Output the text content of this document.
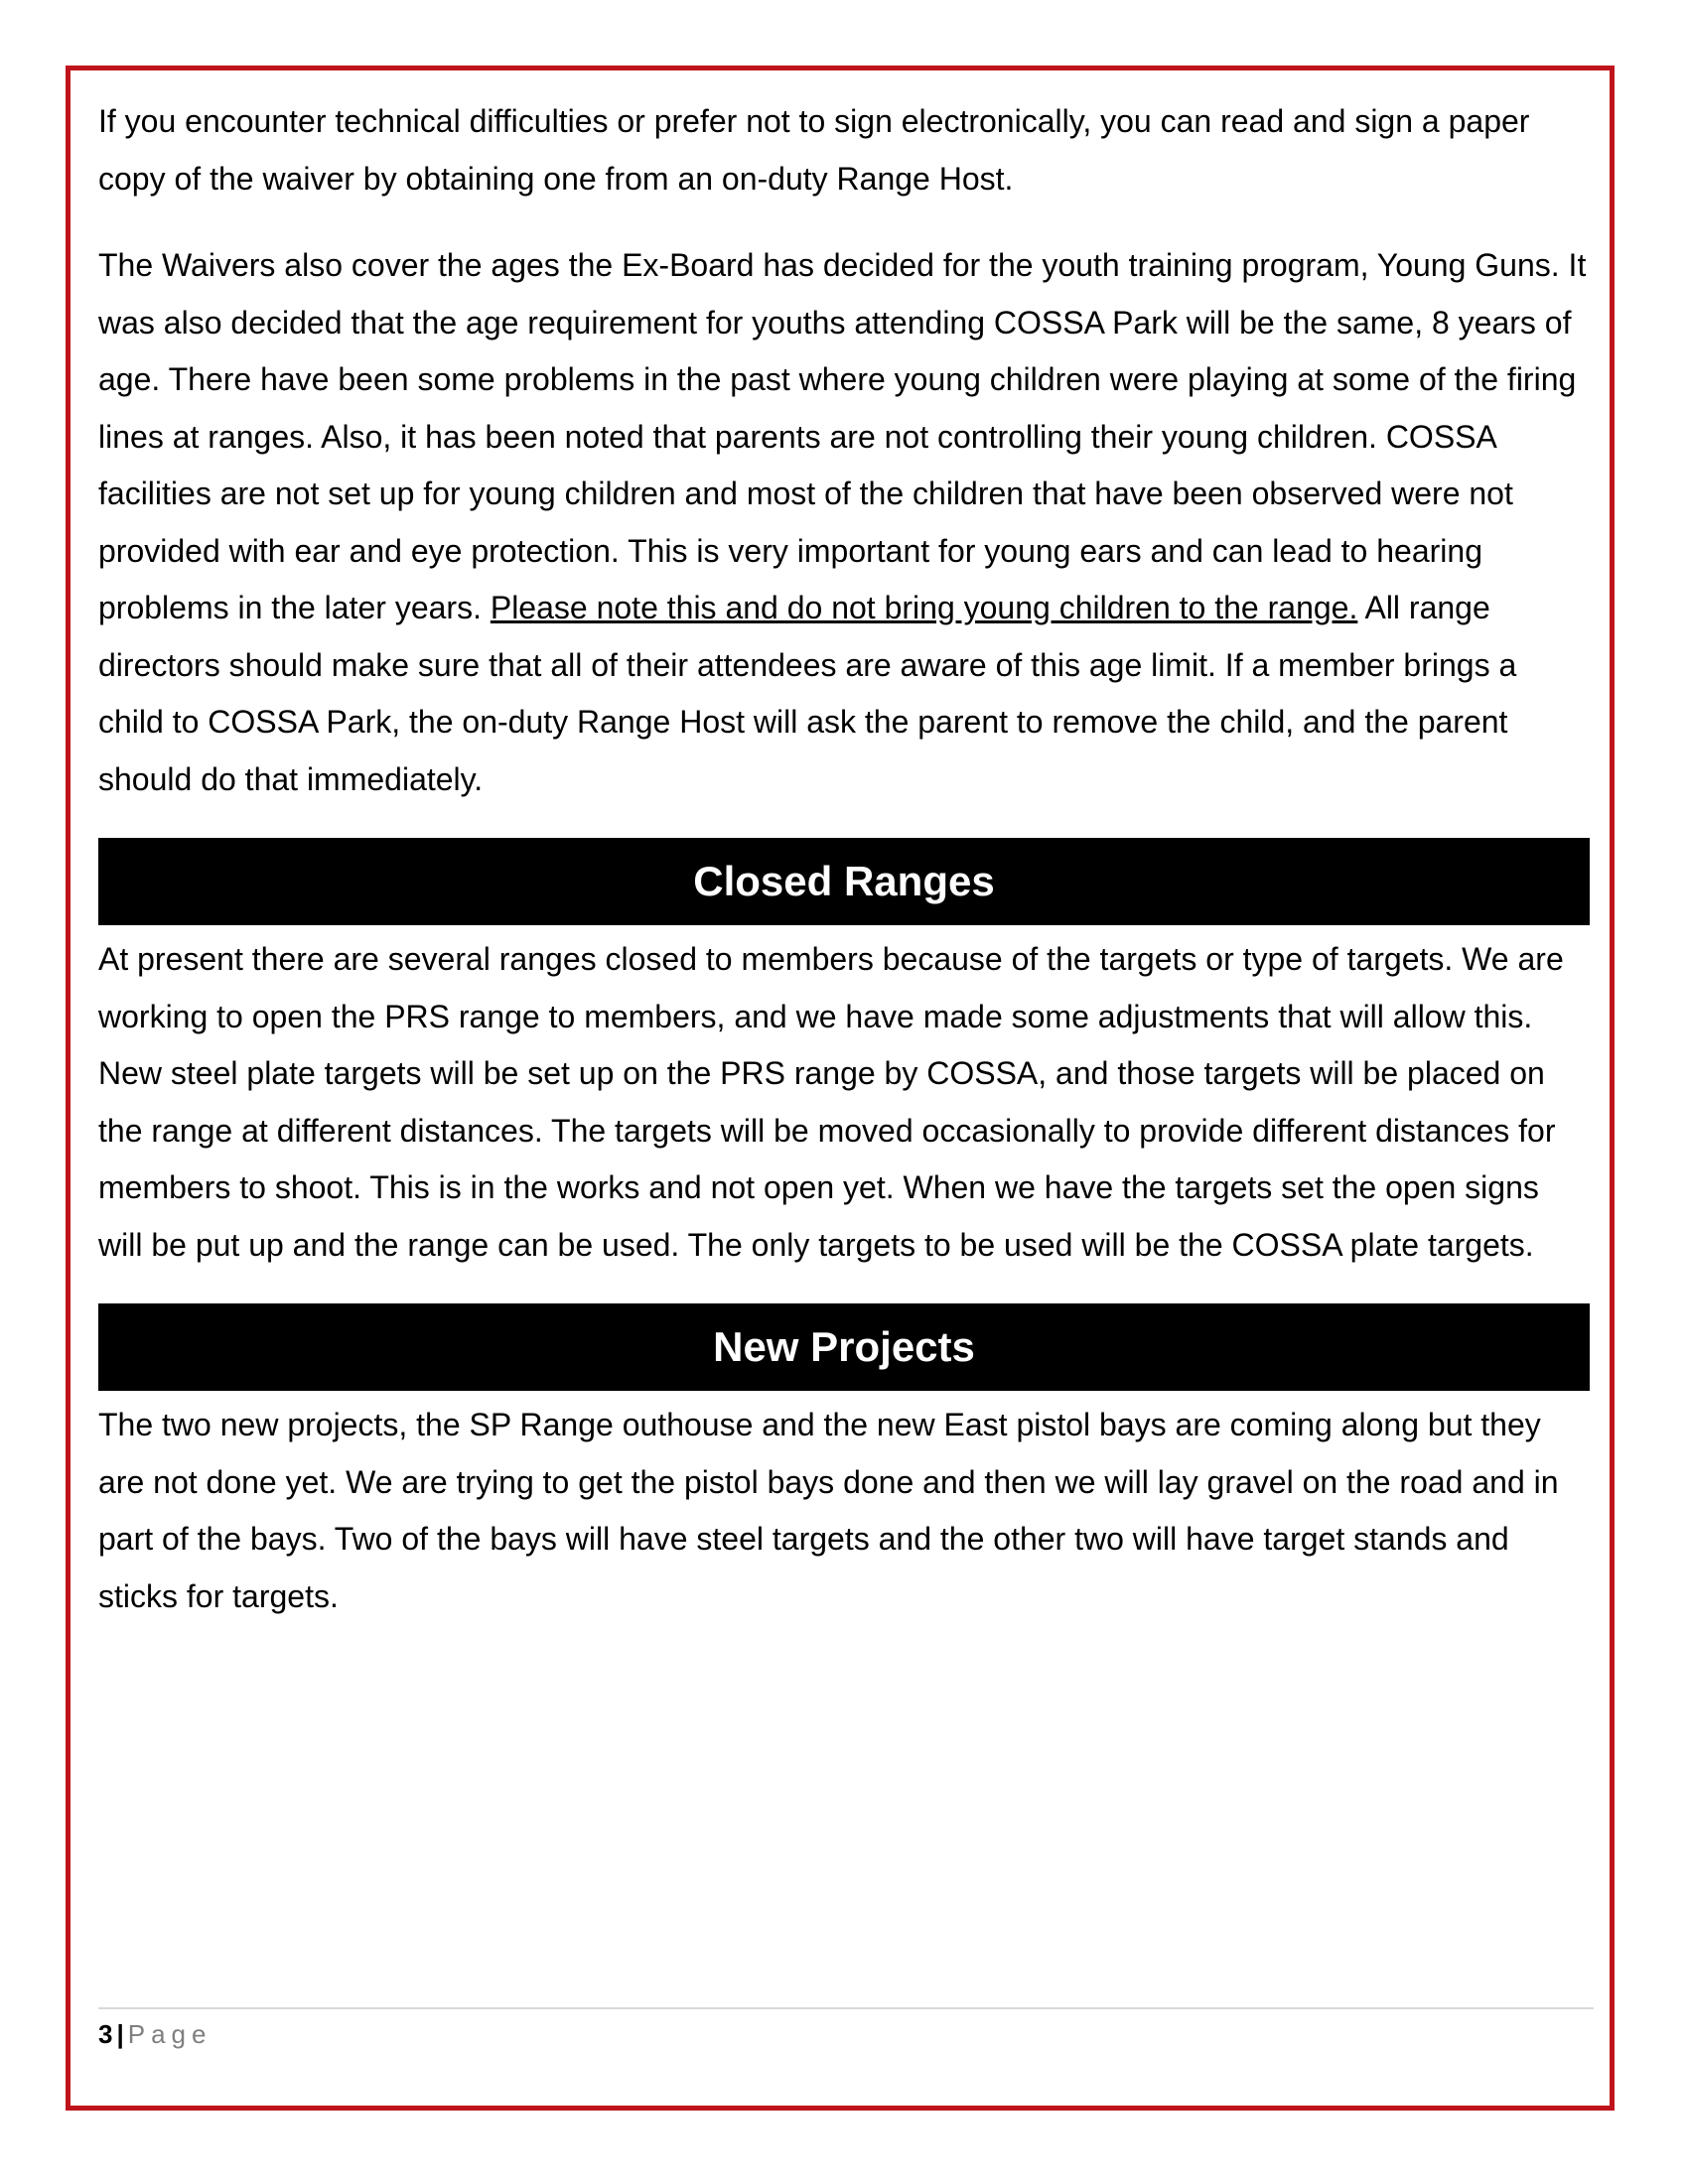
If you encounter technical difficulties or prefer not to sign electronically, you can read and sign a paper copy of the waiver by obtaining one from an on-duty Range Host.

The Waivers also cover the ages the Ex-Board has decided for the youth training program, Young Guns. It was also decided that the age requirement for youths attending COSSA Park will be the same, 8 years of age. There have been some problems in the past where young children were playing at some of the firing lines at ranges. Also, it has been noted that parents are not controlling their young children. COSSA facilities are not set up for young children and most of the children that have been observed were not provided with ear and eye protection. This is very important for young ears and can lead to hearing problems in the later years. Please note this and do not bring young children to the range. All range directors should make sure that all of their attendees are aware of this age limit. If a member brings a child to COSSA Park, the on-duty Range Host will ask the parent to remove the child, and the parent should do that immediately.

Closed Ranges

At present there are several ranges closed to members because of the targets or type of targets. We are working to open the PRS range to members, and we have made some adjustments that will allow this. New steel plate targets will be set up on the PRS range by COSSA, and those targets will be placed on the range at different distances. The targets will be moved occasionally to provide different distances for members to shoot. This is in the works and not open yet. When we have the targets set the open signs will be put up and the range can be used. The only targets to be used will be the COSSA plate targets.

New Projects

The two new projects, the SP Range outhouse and the new East pistol bays are coming along but they are not done yet. We are trying to get the pistol bays done and then we will lay gravel on the road and in part of the bays. Two of the bays will have steel targets and the other two will have target stands and sticks for targets.

3 | Page
